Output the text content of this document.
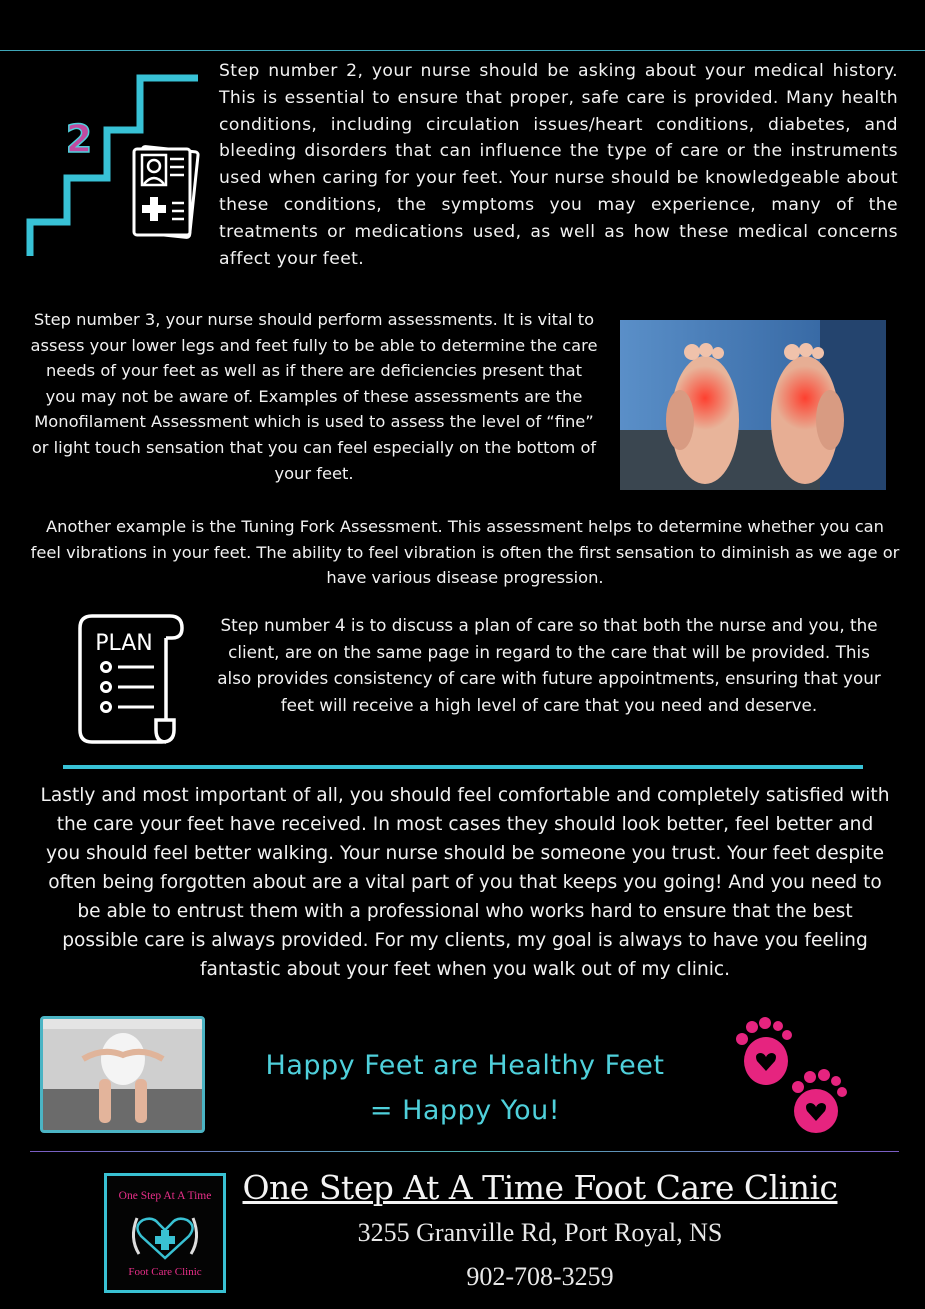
2
Step number 2, your nurse should be asking about your medical history. This is essential to ensure that proper, safe care is provided. Many health conditions, including circulation issues/heart conditions, diabetes, and bleeding disorders that can influence the type of care or the instruments used when caring for your feet. Your nurse should be knowledgeable about these conditions, the symptoms you may experience, many of the treatments or medications used, as well as how these medical concerns affect your feet.
Step number 3, your nurse should perform assessments. It is vital to assess your lower legs and feet fully to be able to determine the care needs of your feet as well as if there are deficiencies present that you may not be aware of. Examples of these assessments are the Monofilament Assessment which is used to assess the level of “fine” or light touch sensation that you can feel especially on the bottom of your feet.
Another example is the Tuning Fork Assessment. This assessment helps to determine whether you can feel vibrations in your feet. The ability to feel vibration is often the first sensation to diminish as we age or have various disease progression.
PLAN
Step number 4 is to discuss a plan of care so that both the nurse and you, the client, are on the same page in regard to the care that will be provided. This also provides consistency of care with future appointments, ensuring that your feet will receive a high level of care that you need and deserve.
Lastly and most important of all, you should feel comfortable and completely satisfied with the care your feet have received. In most cases they should look better, feel better and you should feel better walking. Your nurse should be someone you trust. Your feet despite often being forgotten about are a vital part of you that keeps you going! And you need to be able to entrust them with a professional who works hard to ensure that the best possible care is always provided. For my clients, my goal is always to have you feeling fantastic about your feet when you walk out of my clinic.
Happy Feet are Healthy Feet
= Happy You!
One Step At A Time
Foot Care Clinic
One Step At A Time Foot Care Clinic
3255 Granville Rd, Port Royal, NS
902-708-3259
